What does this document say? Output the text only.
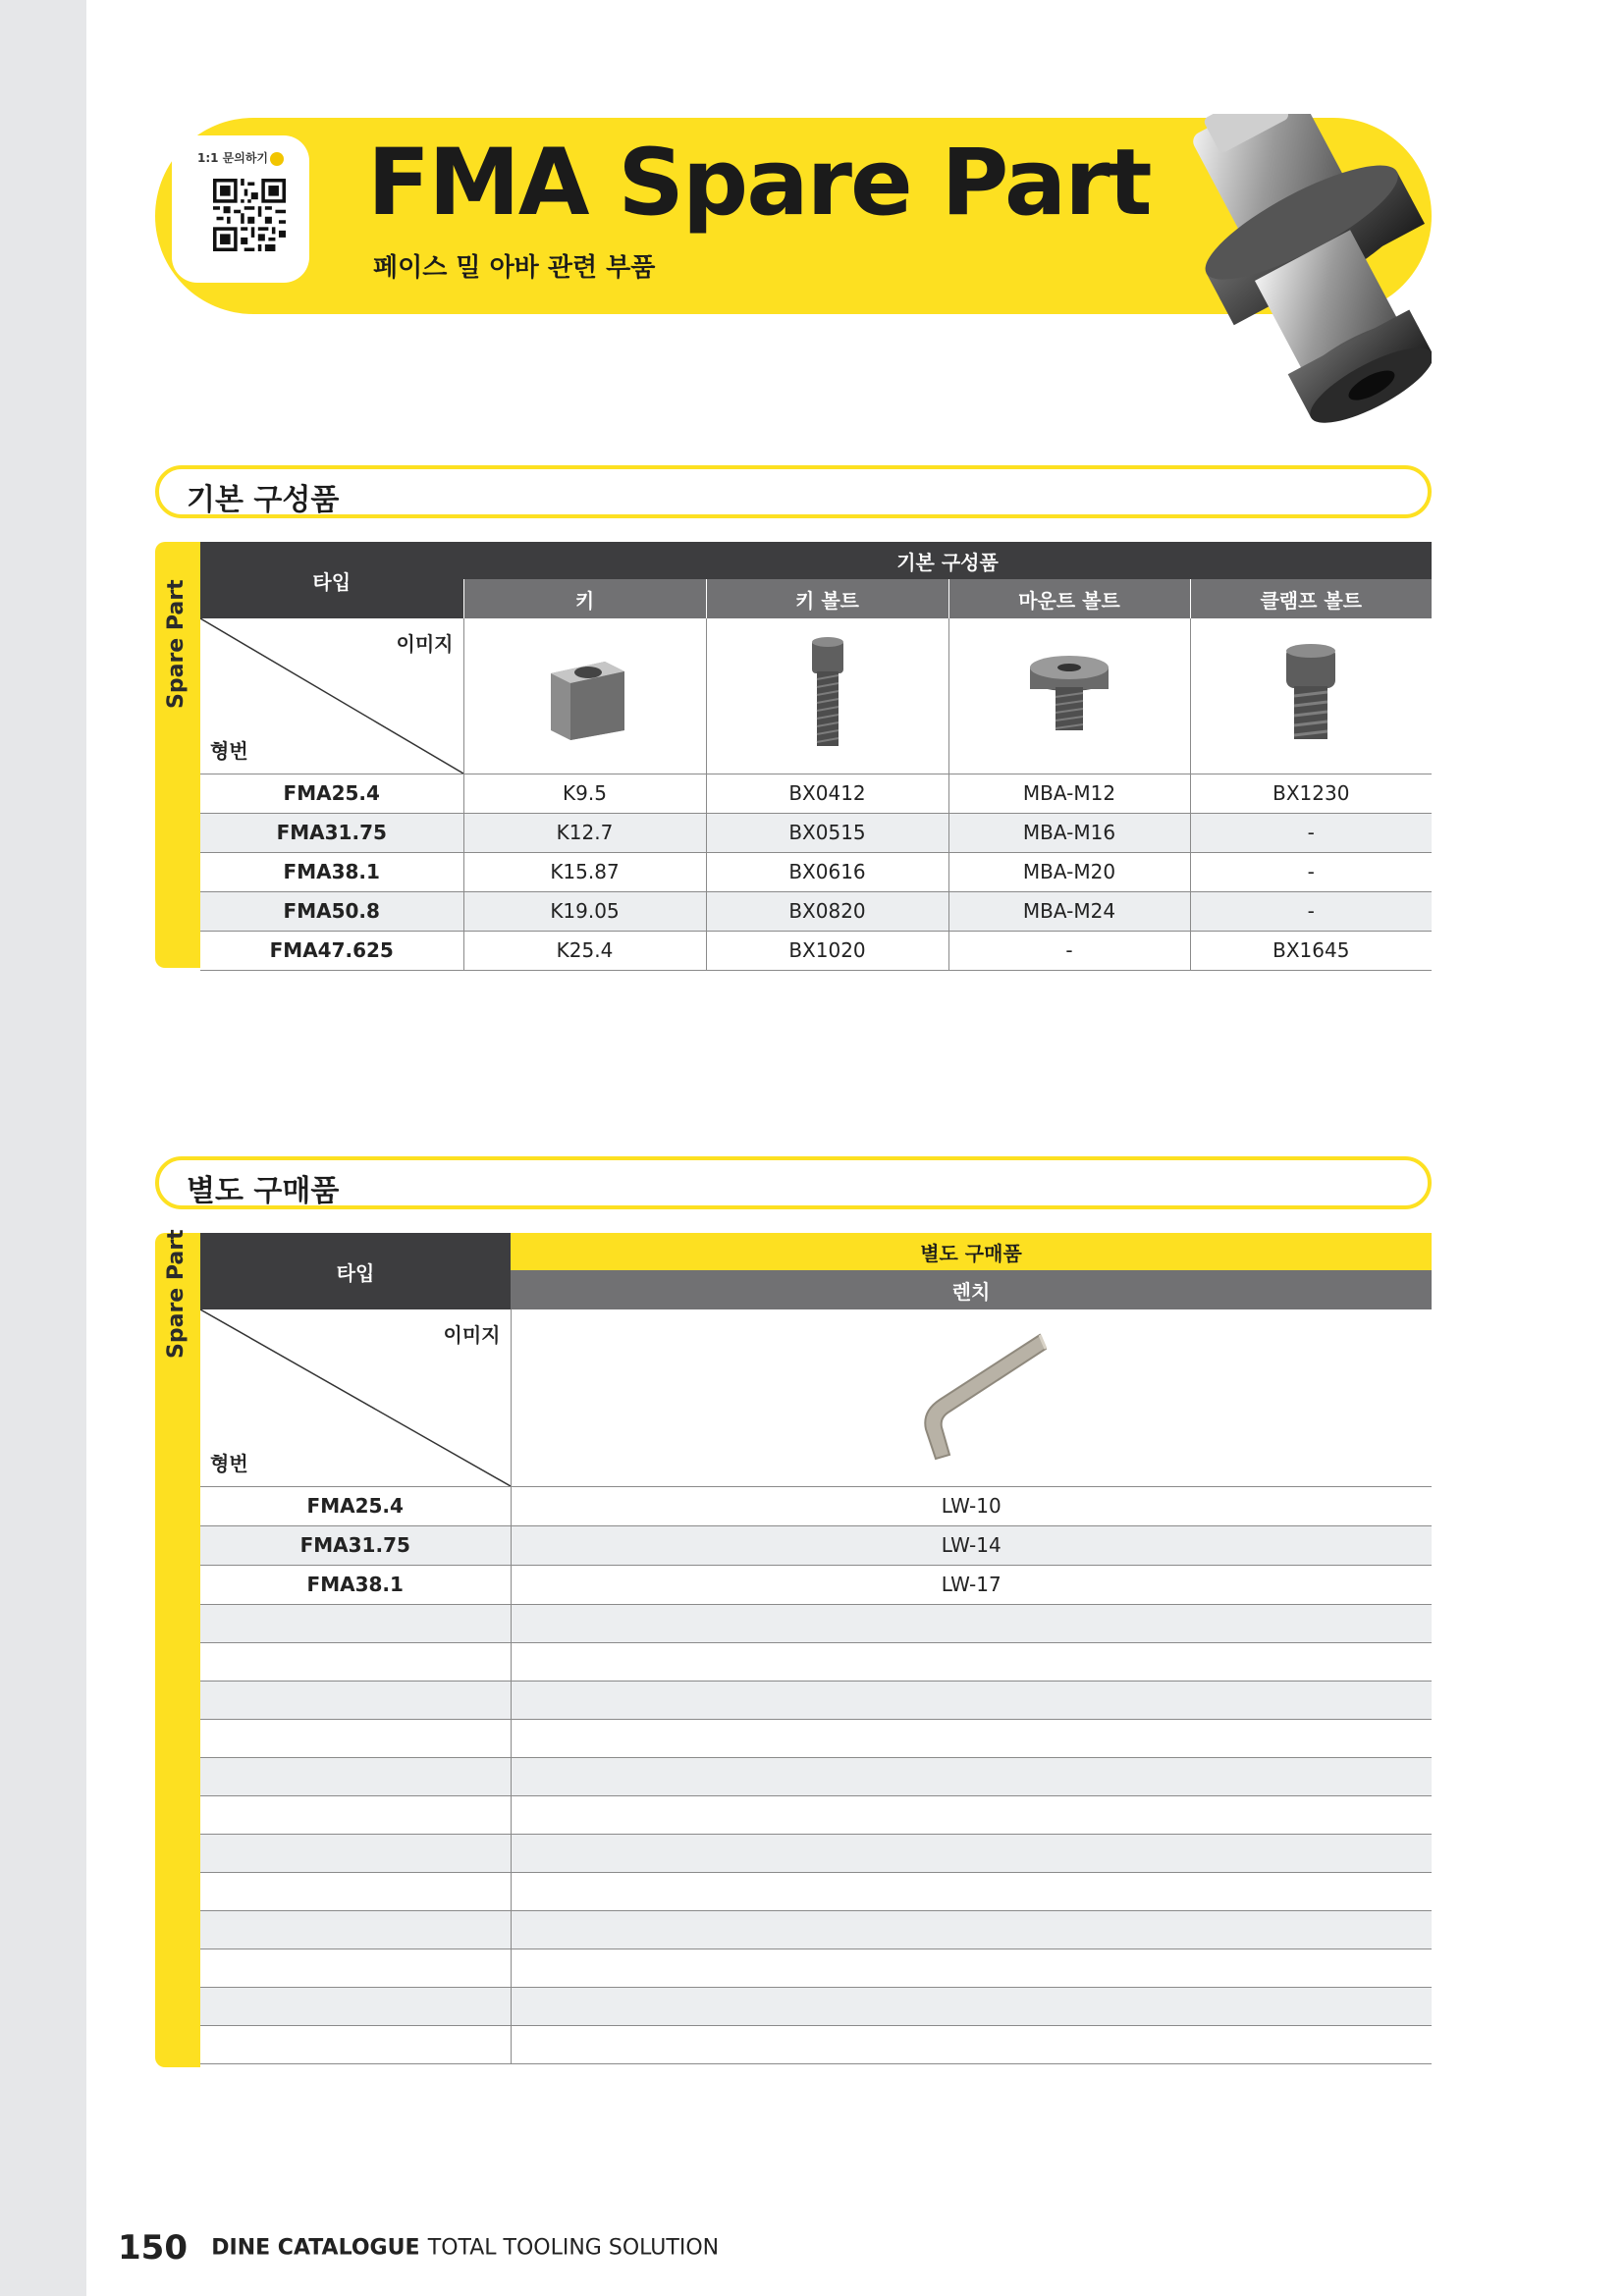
1:1 문의하기	FMA Spare Part
페이스 밀 아바 관련 부품
기본 구성품
Spare Part	타입	기본 구성품			
	키	키 볼트	마운트 볼트	클램프 볼트

이미지
형번

FMA25.4	K9.5	BX0412	MBA-M12	BX1230
FMA31.75	K12.7	BX0515	MBA-M16	-
FMA38.1	K15.87	BX0616	MBA-M20	-
FMA50.8	K19.05	BX0820	MBA-M24	-
FMA47.625	K25.4	BX1020	-	BX1645
별도 구매품
Spare Part	타입	별도 구매품
	렌치

이미지
형번

FMA25.4	LW-10
FMA31.75	LW-14
FMA38.1	LW-17

150 DINE CATALOGUE TOTAL TOOLING SOLUTION
